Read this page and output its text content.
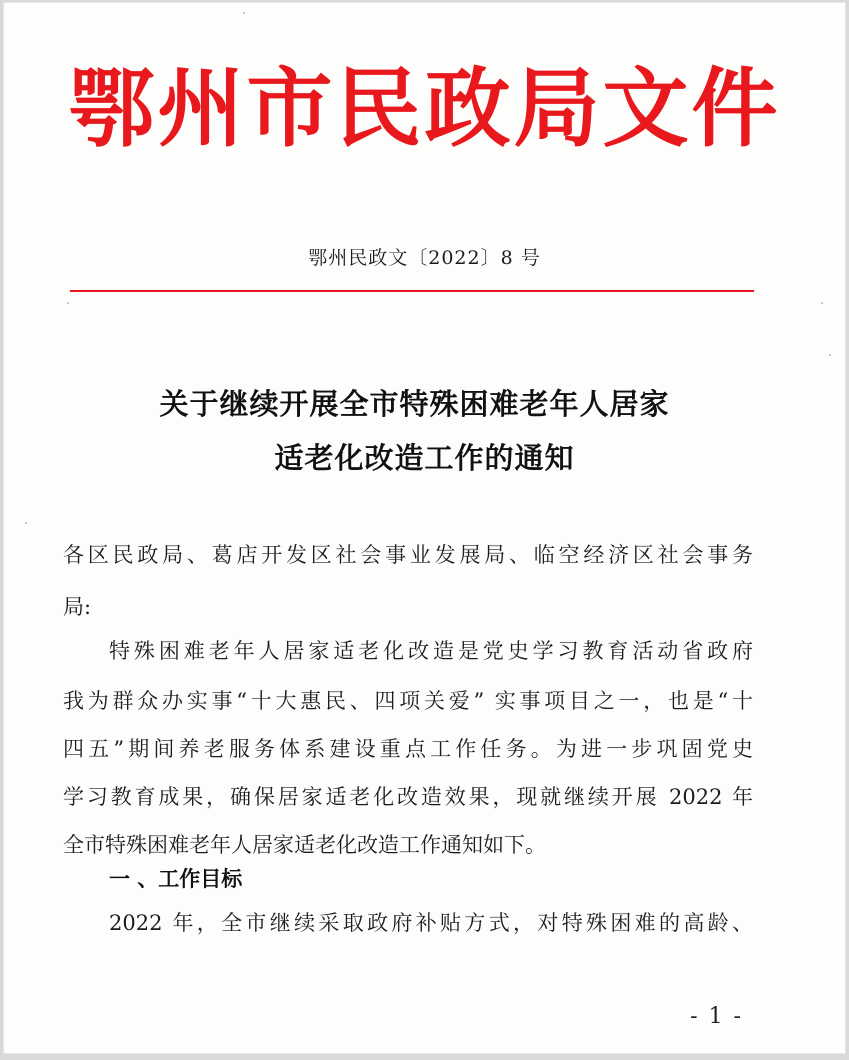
鄂州市民政局文件
鄂州民政文〔2022〕8 号
关于继续开展全市特殊困难老年人居家
适老化改造工作的通知
各区民政局、葛店开发区社会事业发展局、临空经济区社会事务
局:
特殊困难老年人居家适老化改造是党史学习教育活动省政府
我为群众办实事“十大惠民、四项关爱” 实事项目之一，也是“十
四五”期间养老服务体系建设重点工作任务。为进一步巩固党史
学习教育成果，确保居家适老化改造效果，现就继续开展 2022 年
全市特殊困难老年人居家适老化改造工作通知如下。
一 、工作目标
2022 年，全市继续采取政府补贴方式，对特殊困难的高龄、
- 1 -
